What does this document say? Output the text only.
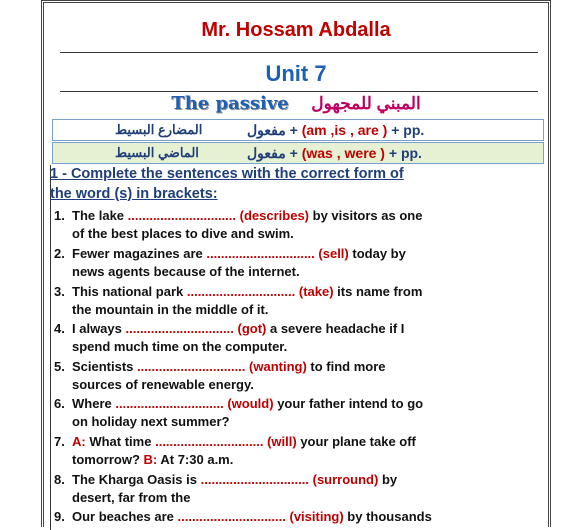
Mr. Hossam Abdalla
Unit 7
The passive المبني للمجهول
المضارع البسيط	مفعول + (am ,is , are ) + pp.
الماضي البسيط	مفعول + (was , were ) + pp.
1 - Complete the sentences with the correct form of
the word (s) in brackets:
1. The lake .............................. (describes) by visitors as one
of the best places to dive and swim.
2. Fewer magazines are .............................. (sell) today by
news agents because of the internet.
3. This national park .............................. (take) its name from
the mountain in the middle of it.
4. I always .............................. (got) a severe headache if I
spend much time on the computer.
5. Scientists .............................. (wanting) to find more
sources of renewable energy.
6. Where .............................. (would) your father intend to go
on holiday next summer?
7. A: What time .............................. (will) your plane take off
tomorrow? B: At 7:30 a.m.
8. The Kharga Oasis is .............................. (surround) by
desert, far from the
9. Our beaches are .............................. (visiting) by thousands
